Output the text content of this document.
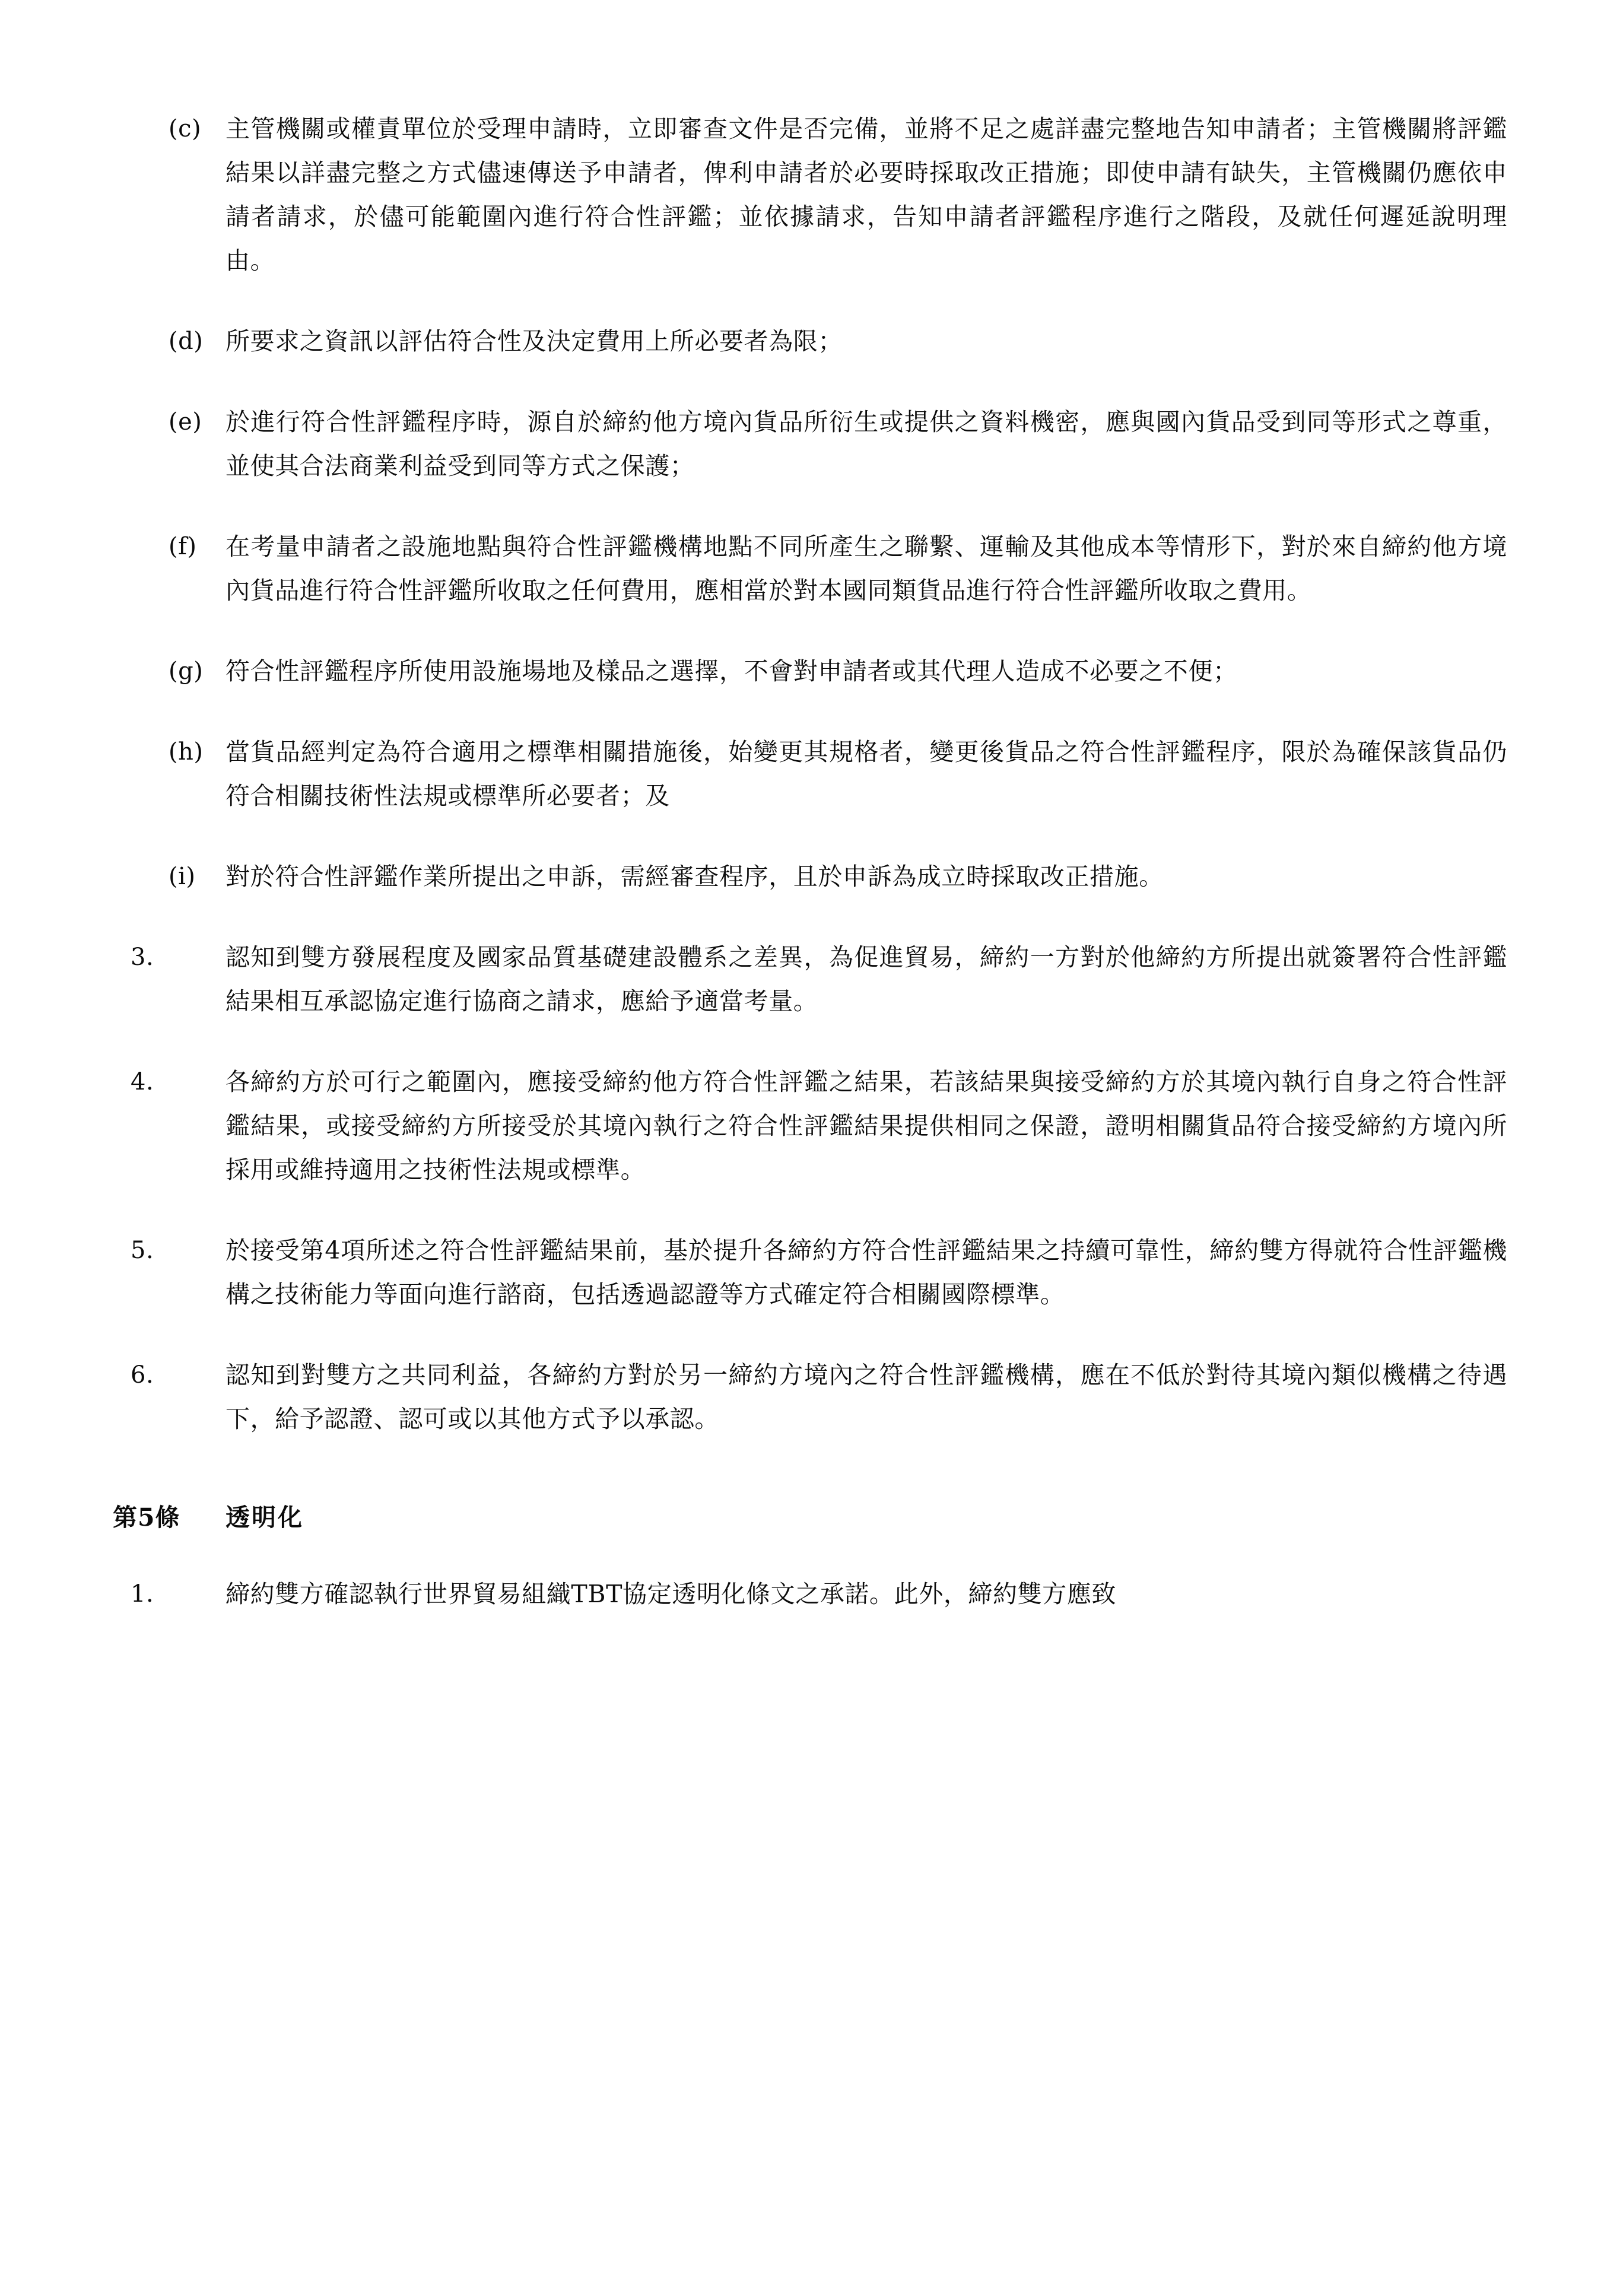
(c) 主管機關或權責單位於受理申請時，立即審查文件是否完備，並將不足之處詳盡完整地告知申請者；主管機關將評鑑結果以詳盡完整之方式儘速傳送予申請者，俾利申請者於必要時採取改正措施；即使申請有缺失，主管機關仍應依申請者請求，於儘可能範圍內進行符合性評鑑；並依據請求，告知申請者評鑑程序進行之階段，及就任何遲延說明理由。
(d) 所要求之資訊以評估符合性及決定費用上所必要者為限；
(e) 於進行符合性評鑑程序時，源自於締約他方境內貨品所衍生或提供之資料機密，應與國內貨品受到同等形式之尊重，並使其合法商業利益受到同等方式之保護；
(f)	在考量申請者之設施地點與符合性評鑑機構地點不同所產生之聯繫、運輸及其他成本等情形下，對於來自締約他方境內貨品進行符合性評鑑所收取之任何費用，應相當於對本國同類貨品進行符合性評鑑所收取之費用。
(g) 符合性評鑑程序所使用設施場地及樣品之選擇，不會對申請者或其代理人造成不必要之不便；
(h) 當貨品經判定為符合適用之標準相關措施後，始變更其規格者，變更後貨品之符合性評鑑程序，限於為確保該貨品仍符合相關技術性法規或標準所必要者；及
(i)	對於符合性評鑑作業所提出之申訴，需經審查程序，且於申訴為成立時採取改正措施。
3.	認知到雙方發展程度及國家品質基礎建設體系之差異，為促進貿易，締約一方對於他締約方所提出就簽署符合性評鑑結果相互承認協定進行協商之請求，應給予適當考量。
4.	各締約方於可行之範圍內，應接受締約他方符合性評鑑之結果，若該結果與接受締約方於其境內執行自身之符合性評鑑結果，或接受締約方所接受於其境內執行之符合性評鑑結果提供相同之保證，證明相關貨品符合接受締約方境內所採用或維持適用之技術性法規或標準。
5.	於接受第4項所述之符合性評鑑結果前，基於提升各締約方符合性評鑑結果之持續可靠性，締約雙方得就符合性評鑑機構之技術能力等面向進行諮商，包括透過認證等方式確定符合相關國際標準。
6.	認知到對雙方之共同利益，各締約方對於另一締約方境內之符合性評鑑機構，應在不低於對待其境內類似機構之待遇下，給予認證、認可或以其他方式予以承認。
第5條	透明化
1.	締約雙方確認執行世界貿易組織TBT協定透明化條文之承諾。此外，締約雙方應致
